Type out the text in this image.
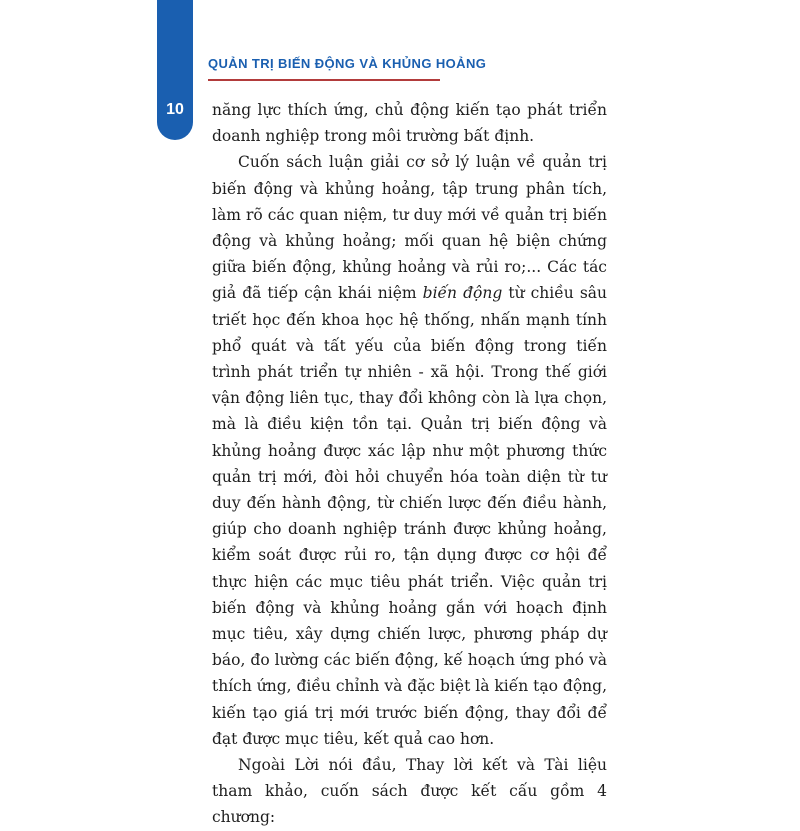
10
QUẢN TRỊ BIẾN ĐỘNG VÀ KHỦNG HOẢNG

năng lực thích ứng, chủ động kiến tạo phát triển doanh nghiệp trong môi trường bất định.

Cuốn sách luận giải cơ sở lý luận về quản trị biến động và khủng hoảng, tập trung phân tích, làm rõ các quan niệm, tư duy mới về quản trị biến động và khủng hoảng; mối quan hệ biện chứng giữa biến động, khủng hoảng và rủi ro;... Các tác giả đã tiếp cận khái niệm biến động từ chiều sâu triết học đến khoa học hệ thống, nhấn mạnh tính phổ quát và tất yếu của biến động trong tiến trình phát triển tự nhiên - xã hội. Trong thế giới vận động liên tục, thay đổi không còn là lựa chọn, mà là điều kiện tồn tại. Quản trị biến động và khủng hoảng được xác lập như một phương thức quản trị mới, đòi hỏi chuyển hóa toàn diện từ tư duy đến hành động, từ chiến lược đến điều hành, giúp cho doanh nghiệp tránh được khủng hoảng, kiểm soát được rủi ro, tận dụng được cơ hội để thực hiện các mục tiêu phát triển. Việc quản trị biến động và khủng hoảng gắn với hoạch định mục tiêu, xây dựng chiến lược, phương pháp dự báo, đo lường các biến động, kế hoạch ứng phó và thích ứng, điều chỉnh và đặc biệt là kiến tạo động, kiến tạo giá trị mới trước biến động, thay đổi để đạt được mục tiêu, kết quả cao hơn.

Ngoài Lời nói đầu, Thay lời kết và Tài liệu tham khảo, cuốn sách được kết cấu gồm 4 chương:
